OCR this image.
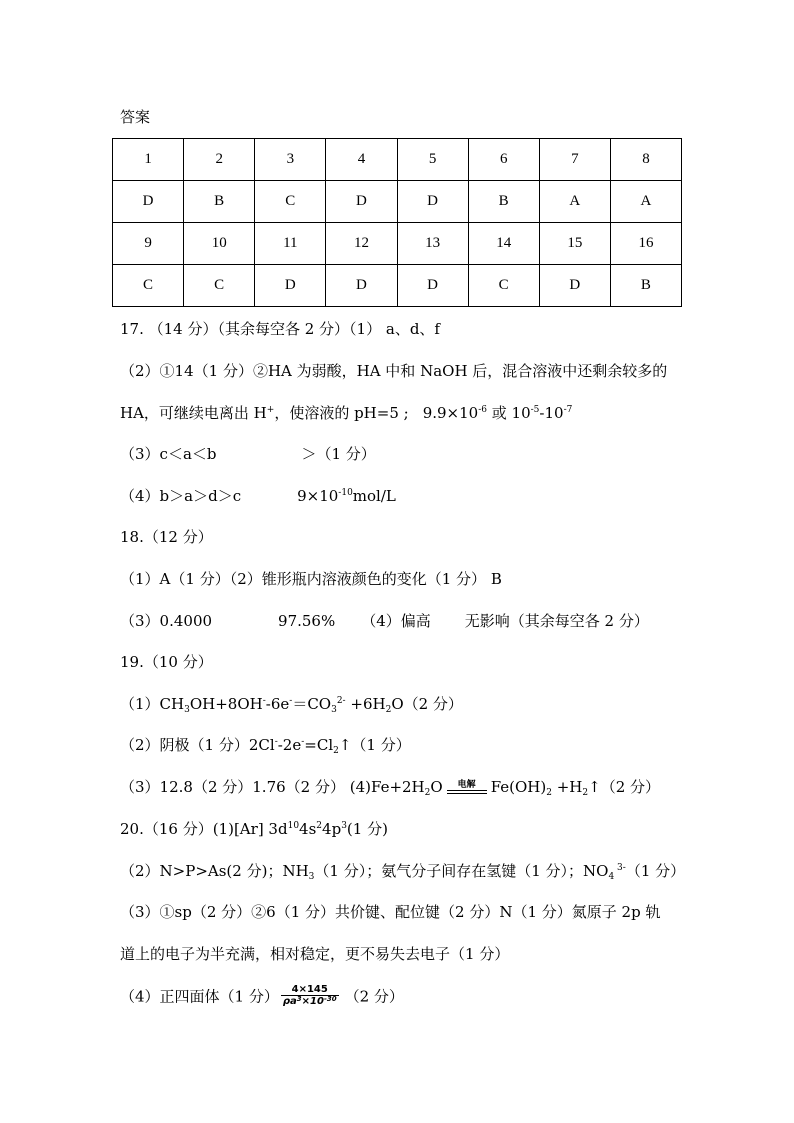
答案
1	2	3	4	5	6	7	8
D	B	C	D	D	B	A	A
9	10	11	12	13	14	15	16
C	C	D	D	D	C	D	B
17. （14 分）（其余每空各 2 分）（1） a、d、f
（2）①14（1 分）②HA 为弱酸，HA 中和 NaOH 后，混合溶液中还剩余较多的
HA，可继续电离出 H+，使溶液的 pH=5 ; $9.9\times 10^{-6}$ 或 $10^{-5}-10^{-7}$
（3）c＜a＜b	＞（1 分）
（4）b＞a＞d＞c	$9\times 10^{-10}mol/L$
18.（12 分）
（1）A（1 分）（2）锥形瓶内溶液颜色的变化（1 分） B
（3）0.4000	97.56% （4）偏高 无影响（其余每空各 2 分）
19.（10 分）
$(1)CH_3OH+8OH^--6e^-=CO_3^{2-} +6H_2O(2$ 分）
（2）阴极（1 分）$2Cl^--2e^-=Cl_2↑(1$ 分）
（3）12.8（2 分）1.76（2 分） $(4)Fe+2H_2O$	电解	$Fe(OH)_2$ $+H_2↑(2$ 分）
20.（16 分）(1)[Ar] $3d^{10}4s^24p^3(1$ 分)
（2）N>P>As(2 分)；$NH_3(1$ 分）；氨气分子间存在氢键（1 分）；$NO_4$ $^{3-}$（1 分）
（3）①sp（2 分）②6（1 分）共价键、配位键（2 分）N（1 分）氮原子 2p 轨
道上的电子为半充满，相对稳定，更不易失去电子（1 分）
（4）正四面体（1 分） $\frac{4\times 145}{\rho a^3\times 10^{-30}} (2$ 分）
